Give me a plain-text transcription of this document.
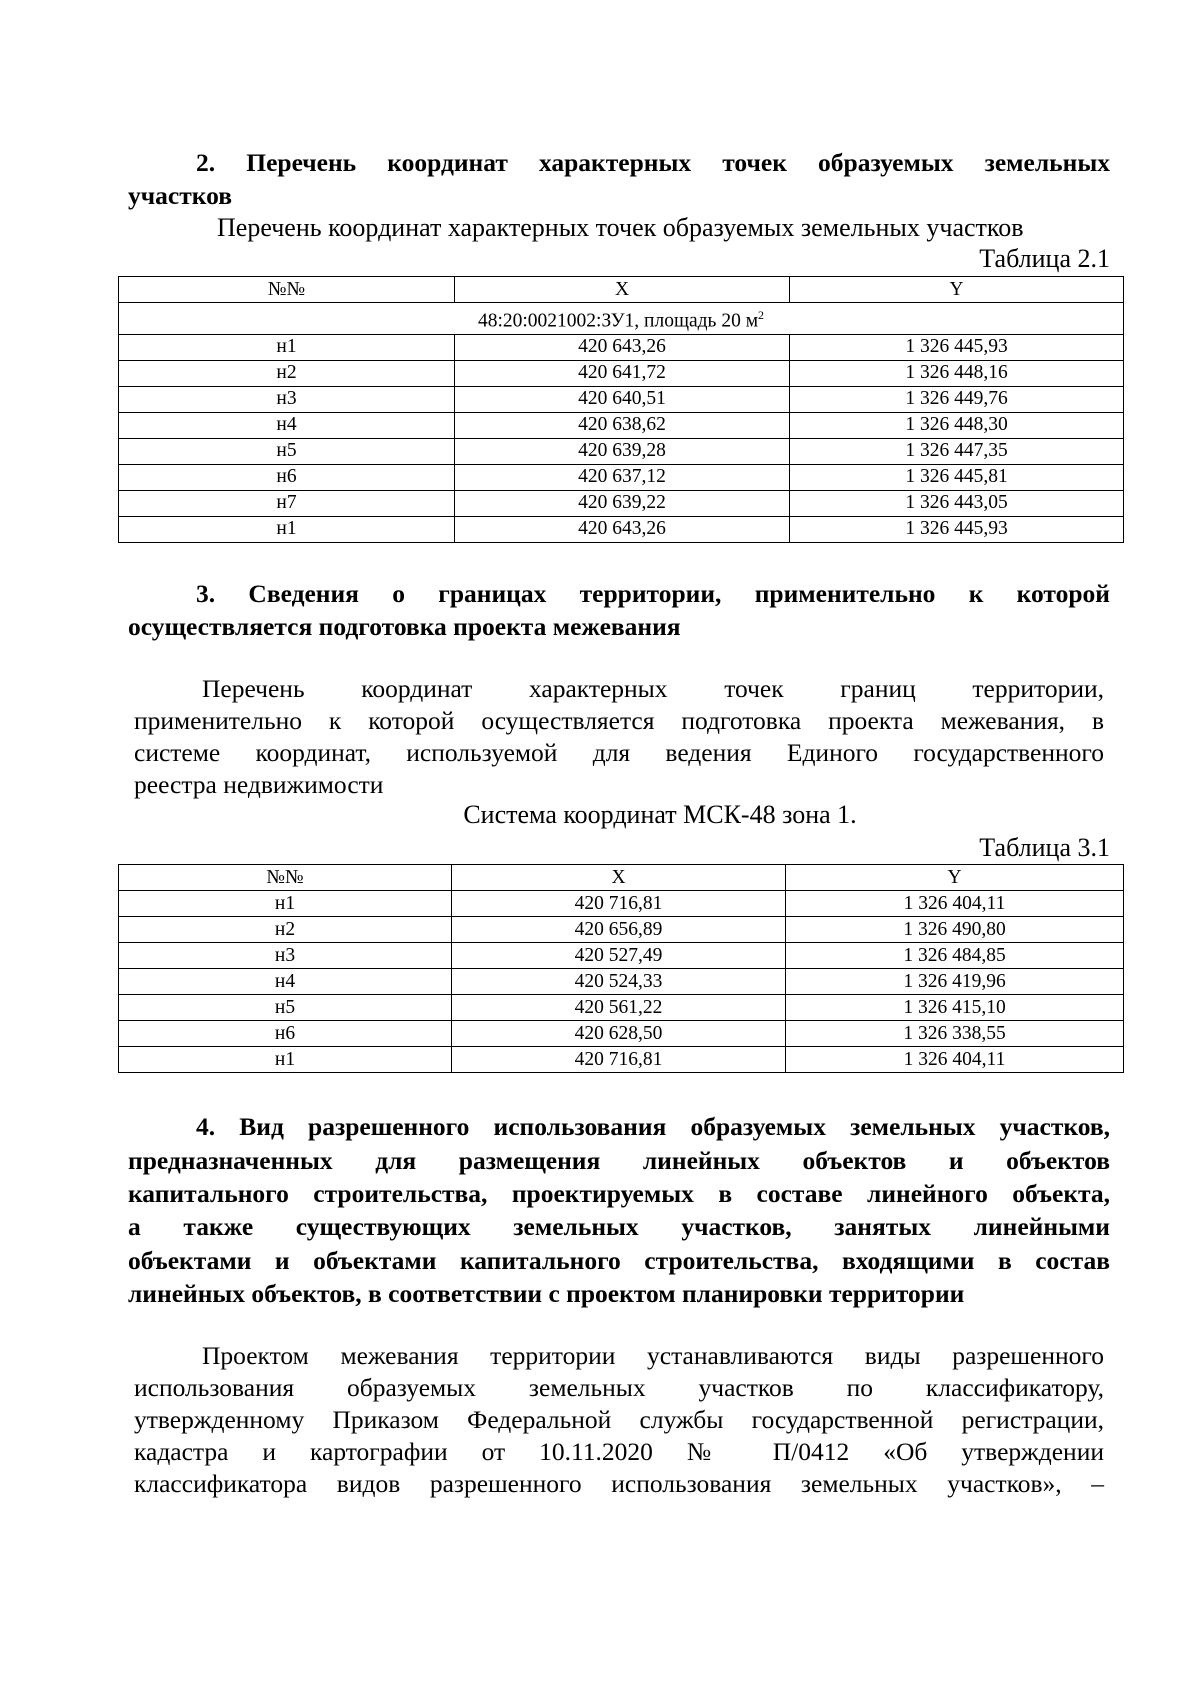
2. Перечень координат характерных точек образуемых земельных
участков
Перечень координат характерных точек образуемых земельных участков
Таблица 2.1
№№	X	Y
48:20:0021002:ЗУ1, площадь 20 $м^2$
н1	420 643,26	1 326 445,93
н2	420 641,72	1 326 448,16
н3	420 640,51	1 326 449,76
н4	420 638,62	1 326 448,30
н5	420 639,28	1 326 447,35
н6	420 637,12	1 326 445,81
н7	420 639,22	1 326 443,05
н1	420 643,26	1 326 445,93
3. Сведения о границах территории, применительно к которой
осуществляется подготовка проекта межевания
Перечень координат характерных точек границ территории,
применительно к которой осуществляется подготовка проекта межевания, в
системе координат, используемой для ведения Единого государственного
реестра недвижимости
Система координат МСК-48 зона 1.
Таблица 3.1
№№	X	Y
н1	420 716,81	1 326 404,11
н2	420 656,89	1 326 490,80
н3	420 527,49	1 326 484,85
н4	420 524,33	1 326 419,96
н5	420 561,22	1 326 415,10
н6	420 628,50	1 326 338,55
н1	420 716,81	1 326 404,11
4. Вид разрешенного использования образуемых земельных участков,
предназначенных для размещения линейных объектов и объектов
капитального строительства, проектируемых в составе линейного объекта,
а также существующих земельных участков, занятых линейными
объектами и объектами капитального строительства, входящими в состав
линейных объектов, в соответствии с проектом планировки территории
Проектом межевания территории устанавливаются виды разрешенного
использования образуемых земельных участков по классификатору,
утвержденному Приказом Федеральной службы государственной регистрации,
кадастра и картографии от 10.11.2020 № П/0412 «Об утверждении
классификатора видов разрешенного использования земельных участков», –
